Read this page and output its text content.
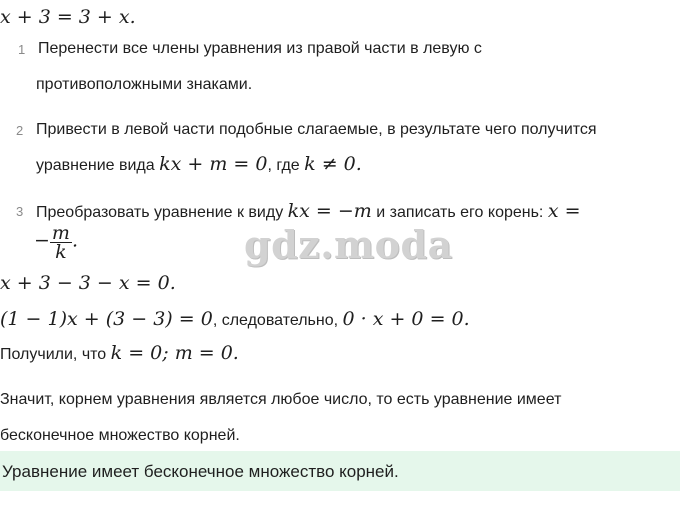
x + 3 = 3 + x.
1 Перенести все члены уравнения из правой части в левую с
противоположными знаками.
2 Привести в левой части подобные слагаемые, в результате чего получится
уравнение вида kx + m = 0, где k ≠ 0.
3 Преобразовать уравнение к виду kx = −m и записать его корень: x =
− $\frac{m}{k}$ .	gdz.moda
x + 3 − 3 − x = 0.
(1 − 1)x + (3 − 3) = 0, следовательно, 0 · x + 0 = 0.
Получили, что k = 0; m = 0.
Значит, корнем уравнения является любое число, то есть уравнение имеет
бесконечное множество корней.
Уравнение имеет бесконечное множество корней.
